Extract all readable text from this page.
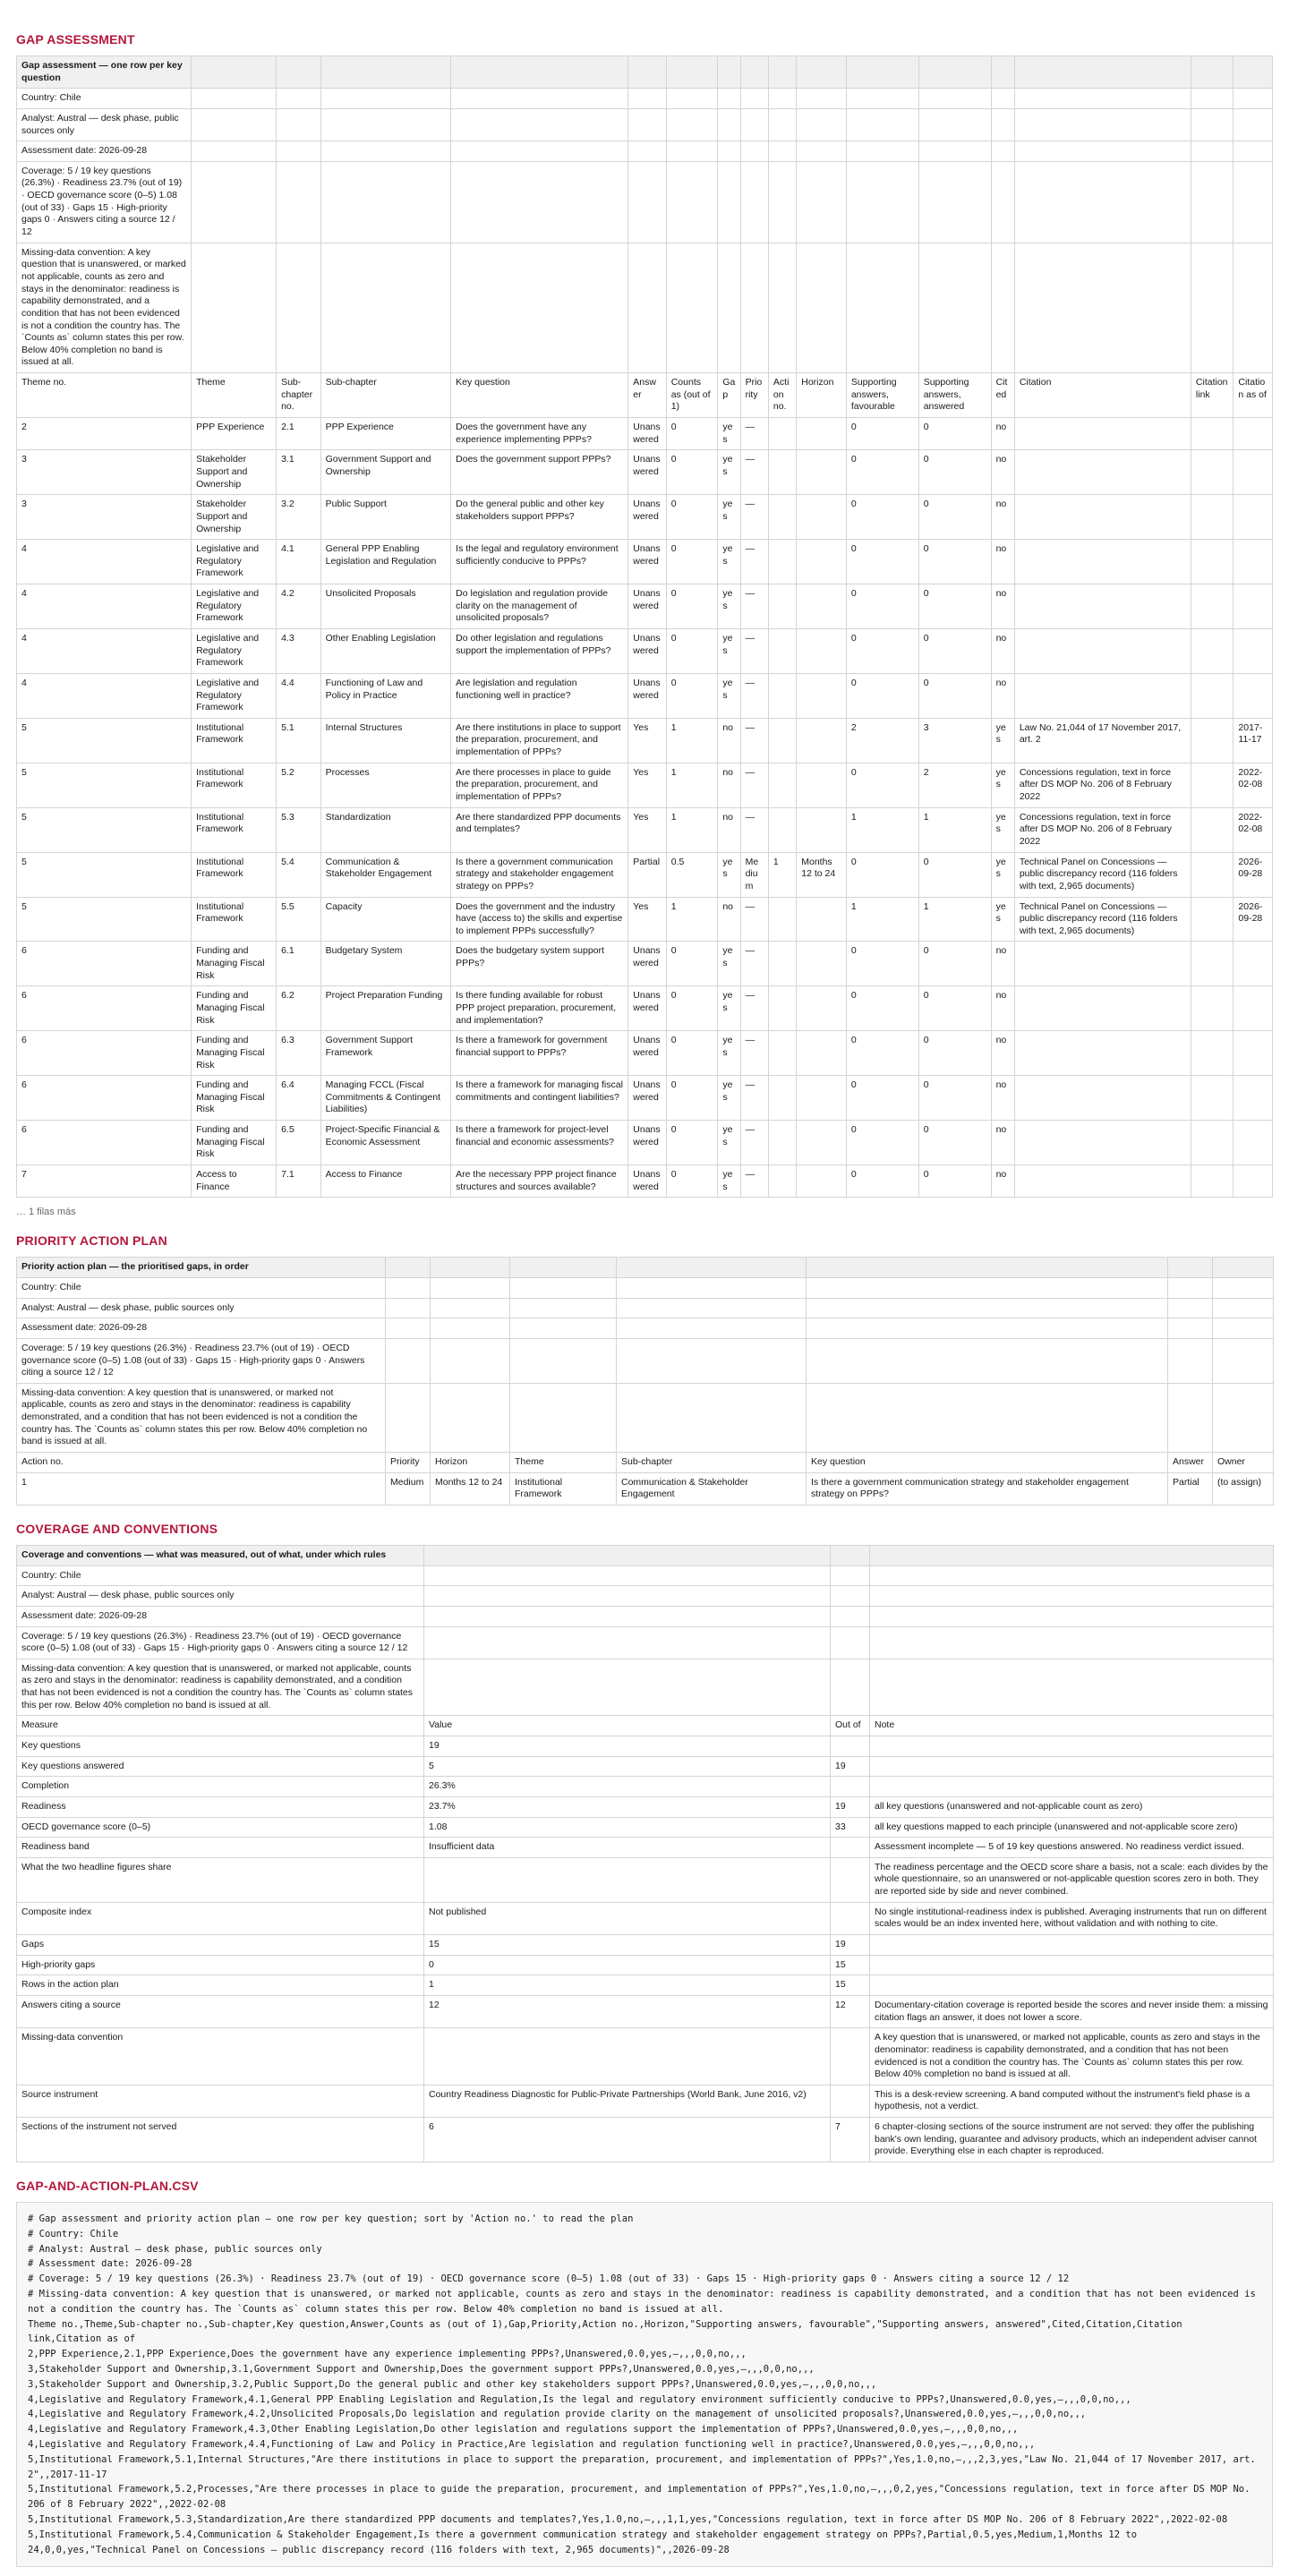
GAP ASSESSMENT
Gap assessment — one row per key question																
Country: Chile																
Analyst: Austral — desk phase, public sources only																
Assessment date: 2026-09-28																
Coverage: 5 / 19 key questions (26.3%) · Readiness 23.7% (out of 19) · OECD governance score (0–5) 1.08 (out of 33) · Gaps 15 · High-priority gaps 0 · Answers citing a source 12 / 12																
Missing-data convention: A key question that is unanswered, or marked not applicable, counts as zero and stays in the denominator: readiness is capability demonstrated, and a condition that has not been evidenced is not a condition the country has. The `Counts as` column states this per row. Below 40% completion no band is issued at all.																
Theme no.	Theme	Sub-chapter no.	Sub-chapter	Key question	Answer	Counts as (out of 1)	Gap	Priority	Action no.	Horizon	Supporting answers, favourable	Supporting answers, answered	Cited	Citation	Citation link	Citation as of
2	PPP Experience	2.1	PPP Experience	Does the government have any experience implementing PPPs?	Unanswered	0	yes	—			0	0	no			
3	Stakeholder Support and Ownership	3.1	Government Support and Ownership	Does the government support PPPs?	Unanswered	0	yes	—			0	0	no			
3	Stakeholder Support and Ownership	3.2	Public Support	Do the general public and other key stakeholders support PPPs?	Unanswered	0	yes	—			0	0	no			
4	Legislative and Regulatory Framework	4.1	General PPP Enabling Legislation and Regulation	Is the legal and regulatory environment sufficiently conducive to PPPs?	Unanswered	0	yes	—			0	0	no			
4	Legislative and Regulatory Framework	4.2	Unsolicited Proposals	Do legislation and regulation provide clarity on the management of unsolicited proposals?	Unanswered	0	yes	—			0	0	no			
4	Legislative and Regulatory Framework	4.3	Other Enabling Legislation	Do other legislation and regulations support the implementation of PPPs?	Unanswered	0	yes	—			0	0	no			
4	Legislative and Regulatory Framework	4.4	Functioning of Law and Policy in Practice	Are legislation and regulation functioning well in practice?	Unanswered	0	yes	—			0	0	no			
5	Institutional Framework	5.1	Internal Structures	Are there institutions in place to support the preparation, procurement, and implementation of PPPs?	Yes	1	no	—			2	3	yes	Law No. 21,044 of 17 November 2017, art. 2		2017-11-17
5	Institutional Framework	5.2	Processes	Are there processes in place to guide the preparation, procurement, and implementation of PPPs?	Yes	1	no	—			0	2	yes	Concessions regulation, text in force after DS MOP No. 206 of 8 February 2022		2022-02-08
5	Institutional Framework	5.3	Standardization	Are there standardized PPP documents and templates?	Yes	1	no	—			1	1	yes	Concessions regulation, text in force after DS MOP No. 206 of 8 February 2022		2022-02-08
5	Institutional Framework	5.4	Communication & Stakeholder Engagement	Is there a government communication strategy and stakeholder engagement strategy on PPPs?	Partial	0.5	yes	Medium	1	Months 12 to 24	0	0	yes	Technical Panel on Concessions — public discrepancy record (116 folders with text, 2,965 documents)		2026-09-28
5	Institutional Framework	5.5	Capacity	Does the government and the industry have (access to) the skills and expertise to implement PPPs successfully?	Yes	1	no	—			1	1	yes	Technical Panel on Concessions — public discrepancy record (116 folders with text, 2,965 documents)		2026-09-28
6	Funding and Managing Fiscal Risk	6.1	Budgetary System	Does the budgetary system support PPPs?	Unanswered	0	yes	—			0	0	no			
6	Funding and Managing Fiscal Risk	6.2	Project Preparation Funding	Is there funding available for robust PPP project preparation, procurement, and implementation?	Unanswered	0	yes	—			0	0	no			
6	Funding and Managing Fiscal Risk	6.3	Government Support Framework	Is there a framework for government financial support to PPPs?	Unanswered	0	yes	—			0	0	no			
6	Funding and Managing Fiscal Risk	6.4	Managing FCCL (Fiscal Commitments & Contingent Liabilities)	Is there a framework for managing fiscal commitments and contingent liabilities?	Unanswered	0	yes	—			0	0	no			
6	Funding and Managing Fiscal Risk	6.5	Project-Specific Financial & Economic Assessment	Is there a framework for project-level financial and economic assessments?	Unanswered	0	yes	—			0	0	no			
7	Access to Finance	7.1	Access to Finance	Are the necessary PPP project finance structures and sources available?	Unanswered	0	yes	—			0	0	no			
… 1 filas más
PRIORITY ACTION PLAN
Priority action plan — the prioritised gaps, in order							
Country: Chile							
Analyst: Austral — desk phase, public sources only							
Assessment date: 2026-09-28							
Coverage: 5 / 19 key questions (26.3%) · Readiness 23.7% (out of 19) · OECD governance score (0–5) 1.08 (out of 33) · Gaps 15 · High-priority gaps 0 · Answers citing a source 12 / 12							
Missing-data convention: A key question that is unanswered, or marked not applicable, counts as zero and stays in the denominator: readiness is capability demonstrated, and a condition that has not been evidenced is not a condition the country has. The `Counts as` column states this per row. Below 40% completion no band is issued at all.							
Action no.	Priority	Horizon	Theme	Sub-chapter	Key question	Answer	Owner
1	Medium	Months 12 to 24	Institutional Framework	Communication & Stakeholder Engagement	Is there a government communication strategy and stakeholder engagement strategy on PPPs?	Partial	(to assign)
COVERAGE AND CONVENTIONS
Coverage and conventions — what was measured, out of what, under which rules			
Country: Chile			
Analyst: Austral — desk phase, public sources only			
Assessment date: 2026-09-28			
Coverage: 5 / 19 key questions (26.3%) · Readiness 23.7% (out of 19) · OECD governance score (0–5) 1.08 (out of 33) · Gaps 15 · High-priority gaps 0 · Answers citing a source 12 / 12			
Missing-data convention: A key question that is unanswered, or marked not applicable, counts as zero and stays in the denominator: readiness is capability demonstrated, and a condition that has not been evidenced is not a condition the country has. The `Counts as` column states this per row. Below 40% completion no band is issued at all.			
Measure	Value	Out of	Note
Key questions	19		
Key questions answered	5	19	
Completion	26.3%		
Readiness	23.7%	19	all key questions (unanswered and not-applicable count as zero)
OECD governance score (0–5)	1.08	33	all key questions mapped to each principle (unanswered and not-applicable score zero)
Readiness band	Insufficient data		Assessment incomplete — 5 of 19 key questions answered. No readiness verdict issued.
What the two headline figures share			The readiness percentage and the OECD score share a basis, not a scale: each divides by the whole questionnaire, so an unanswered or not-applicable question scores zero in both. They are reported side by side and never combined.
Composite index	Not published		No single institutional-readiness index is published. Averaging instruments that run on different scales would be an index invented here, without validation and with nothing to cite.
Gaps	15	19	
High-priority gaps	0	15	
Rows in the action plan	1	15	
Answers citing a source	12	12	Documentary-citation coverage is reported beside the scores and never inside them: a missing citation flags an answer, it does not lower a score.
Missing-data convention			A key question that is unanswered, or marked not applicable, counts as zero and stays in the denominator: readiness is capability demonstrated, and a condition that has not been evidenced is not a condition the country has. The `Counts as` column states this per row. Below 40% completion no band is issued at all.
Source instrument	Country Readiness Diagnostic for Public-Private Partnerships (World Bank, June 2016, v2)		This is a desk-review screening. A band computed without the instrument's field phase is a hypothesis, not a verdict.
Sections of the instrument not served	6	7	6 chapter-closing sections of the source instrument are not served: they offer the publishing bank's own lending, guarantee and advisory products, which an independent adviser cannot provide. Everything else in each chapter is reproduced.
GAP-AND-ACTION-PLAN.CSV
# Gap assessment and priority action plan — one row per key question; sort by 'Action no.' to read the plan
# Country: Chile
# Analyst: Austral — desk phase, public sources only
# Assessment date: 2026-09-28
# Coverage: 5 / 19 key questions (26.3%) · Readiness 23.7% (out of 19) · OECD governance score (0–5) 1.08 (out of 33) · Gaps 15 · High-priority gaps 0 · Answers citing a source 12 / 12
# Missing-data convention: A key question that is unanswered, or marked not applicable, counts as zero and stays in the denominator: readiness is capability demonstrated, and a condition that has not been evidenced is not a condition the country has. The `Counts as` column states this per row. Below 40% completion no band is issued at all.
Theme no.,Theme,Sub-chapter no.,Sub-chapter,Key question,Answer,Counts as (out of 1),Gap,Priority,Action no.,Horizon,"Supporting answers, favourable","Supporting answers, answered",Cited,Citation,Citation link,Citation as of
2,PPP Experience,2.1,PPP Experience,Does the government have any experience implementing PPPs?,Unanswered,0.0,yes,—,,,0,0,no,,,
3,Stakeholder Support and Ownership,3.1,Government Support and Ownership,Does the government support PPPs?,Unanswered,0.0,yes,—,,,0,0,no,,,
3,Stakeholder Support and Ownership,3.2,Public Support,Do the general public and other key stakeholders support PPPs?,Unanswered,0.0,yes,—,,,0,0,no,,,
4,Legislative and Regulatory Framework,4.1,General PPP Enabling Legislation and Regulation,Is the legal and regulatory environment sufficiently conducive to PPPs?,Unanswered,0.0,yes,—,,,0,0,no,,,
4,Legislative and Regulatory Framework,4.2,Unsolicited Proposals,Do legislation and regulation provide clarity on the management of unsolicited proposals?,Unanswered,0.0,yes,—,,,0,0,no,,,
4,Legislative and Regulatory Framework,4.3,Other Enabling Legislation,Do other legislation and regulations support the implementation of PPPs?,Unanswered,0.0,yes,—,,,0,0,no,,,
4,Legislative and Regulatory Framework,4.4,Functioning of Law and Policy in Practice,Are legislation and regulation functioning well in practice?,Unanswered,0.0,yes,—,,,0,0,no,,,
5,Institutional Framework,5.1,Internal Structures,"Are there institutions in place to support the preparation, procurement, and implementation of PPPs?",Yes,1.0,no,—,,,2,3,yes,"Law No. 21,044 of 17 November 2017, art. 2",,2017-11-17
5,Institutional Framework,5.2,Processes,"Are there processes in place to guide the preparation, procurement, and implementation of PPPs?",Yes,1.0,no,—,,,0,2,yes,"Concessions regulation, text in force after DS MOP No. 206 of 8 February 2022",,2022-02-08
5,Institutional Framework,5.3,Standardization,Are there standardized PPP documents and templates?,Yes,1.0,no,—,,,1,1,yes,"Concessions regulation, text in force after DS MOP No. 206 of 8 February 2022",,2022-02-08
5,Institutional Framework,5.4,Communication & Stakeholder Engagement,Is there a government communication strategy and stakeholder engagement strategy on PPPs?,Partial,0.5,yes,Medium,1,Months 12 to 24,0,0,yes,"Technical Panel on Concessions — public discrepancy record (116 folders with text, 2,965 documents)",,2026-09-28
